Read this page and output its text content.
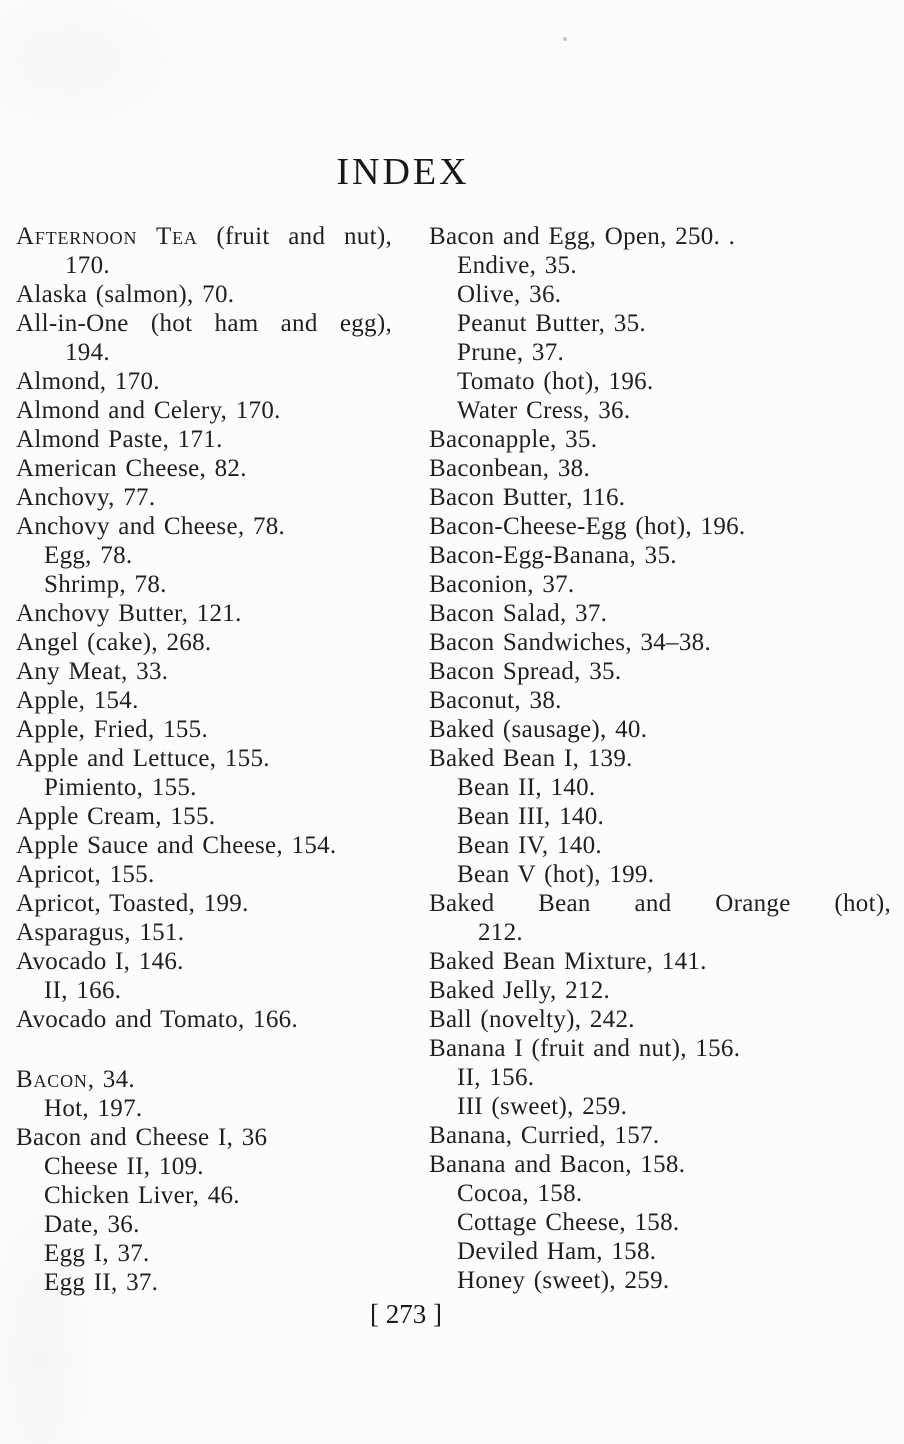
INDEX

Afternoon Tea (fruit and nut),

170.

Alaska (salmon), 70.

All-in-One (hot ham and egg),

194.

Almond, 170.

Almond and Celery, 170.

Almond Paste, 171.

American Cheese, 82.

Anchovy, 77.

Anchovy and Cheese, 78.

Egg, 78.

Shrimp, 78.

Anchovy Butter, 121.

Angel (cake), 268.

Any Meat, 33.

Apple, 154.

Apple, Fried, 155.

Apple and Lettuce, 155.

Pimiento, 155.

Apple Cream, 155.

Apple Sauce and Cheese, 154.

Apricot, 155.

Apricot, Toasted, 199.

Asparagus, 151.

Avocado I, 146.

II, 166.

Avocado and Tomato, 166.

Bacon, 34.

Hot, 197.

Bacon and Cheese I, 36

Cheese II, 109.

Chicken Liver, 46.

Date, 36.

Egg I, 37.

Egg II, 37.

Bacon and Egg, Open, 250. .

Endive, 35.

Olive, 36.

Peanut Butter, 35.

Prune, 37.

Tomato (hot), 196.

Water Cress, 36.

Baconapple, 35.

Baconbean, 38.

Bacon Butter, 116.

Bacon-Cheese-Egg (hot), 196.

Bacon-Egg-Banana, 35.

Baconion, 37.

Bacon Salad, 37.

Bacon Sandwiches, 34–38.

Bacon Spread, 35.

Baconut, 38.

Baked (sausage), 40.

Baked Bean I, 139.

Bean II, 140.

Bean III, 140.

Bean IV, 140.

Bean V (hot), 199.

Baked Bean and Orange (hot),

212.

Baked Bean Mixture, 141.

Baked Jelly, 212.

Ball (novelty), 242.

Banana I (fruit and nut), 156.

II, 156.

III (sweet), 259.

Banana, Curried, 157.

Banana and Bacon, 158.

Cocoa, 158.

Cottage Cheese, 158.

Deviled Ham, 158.

Honey (sweet), 259.

[ 273 ]
